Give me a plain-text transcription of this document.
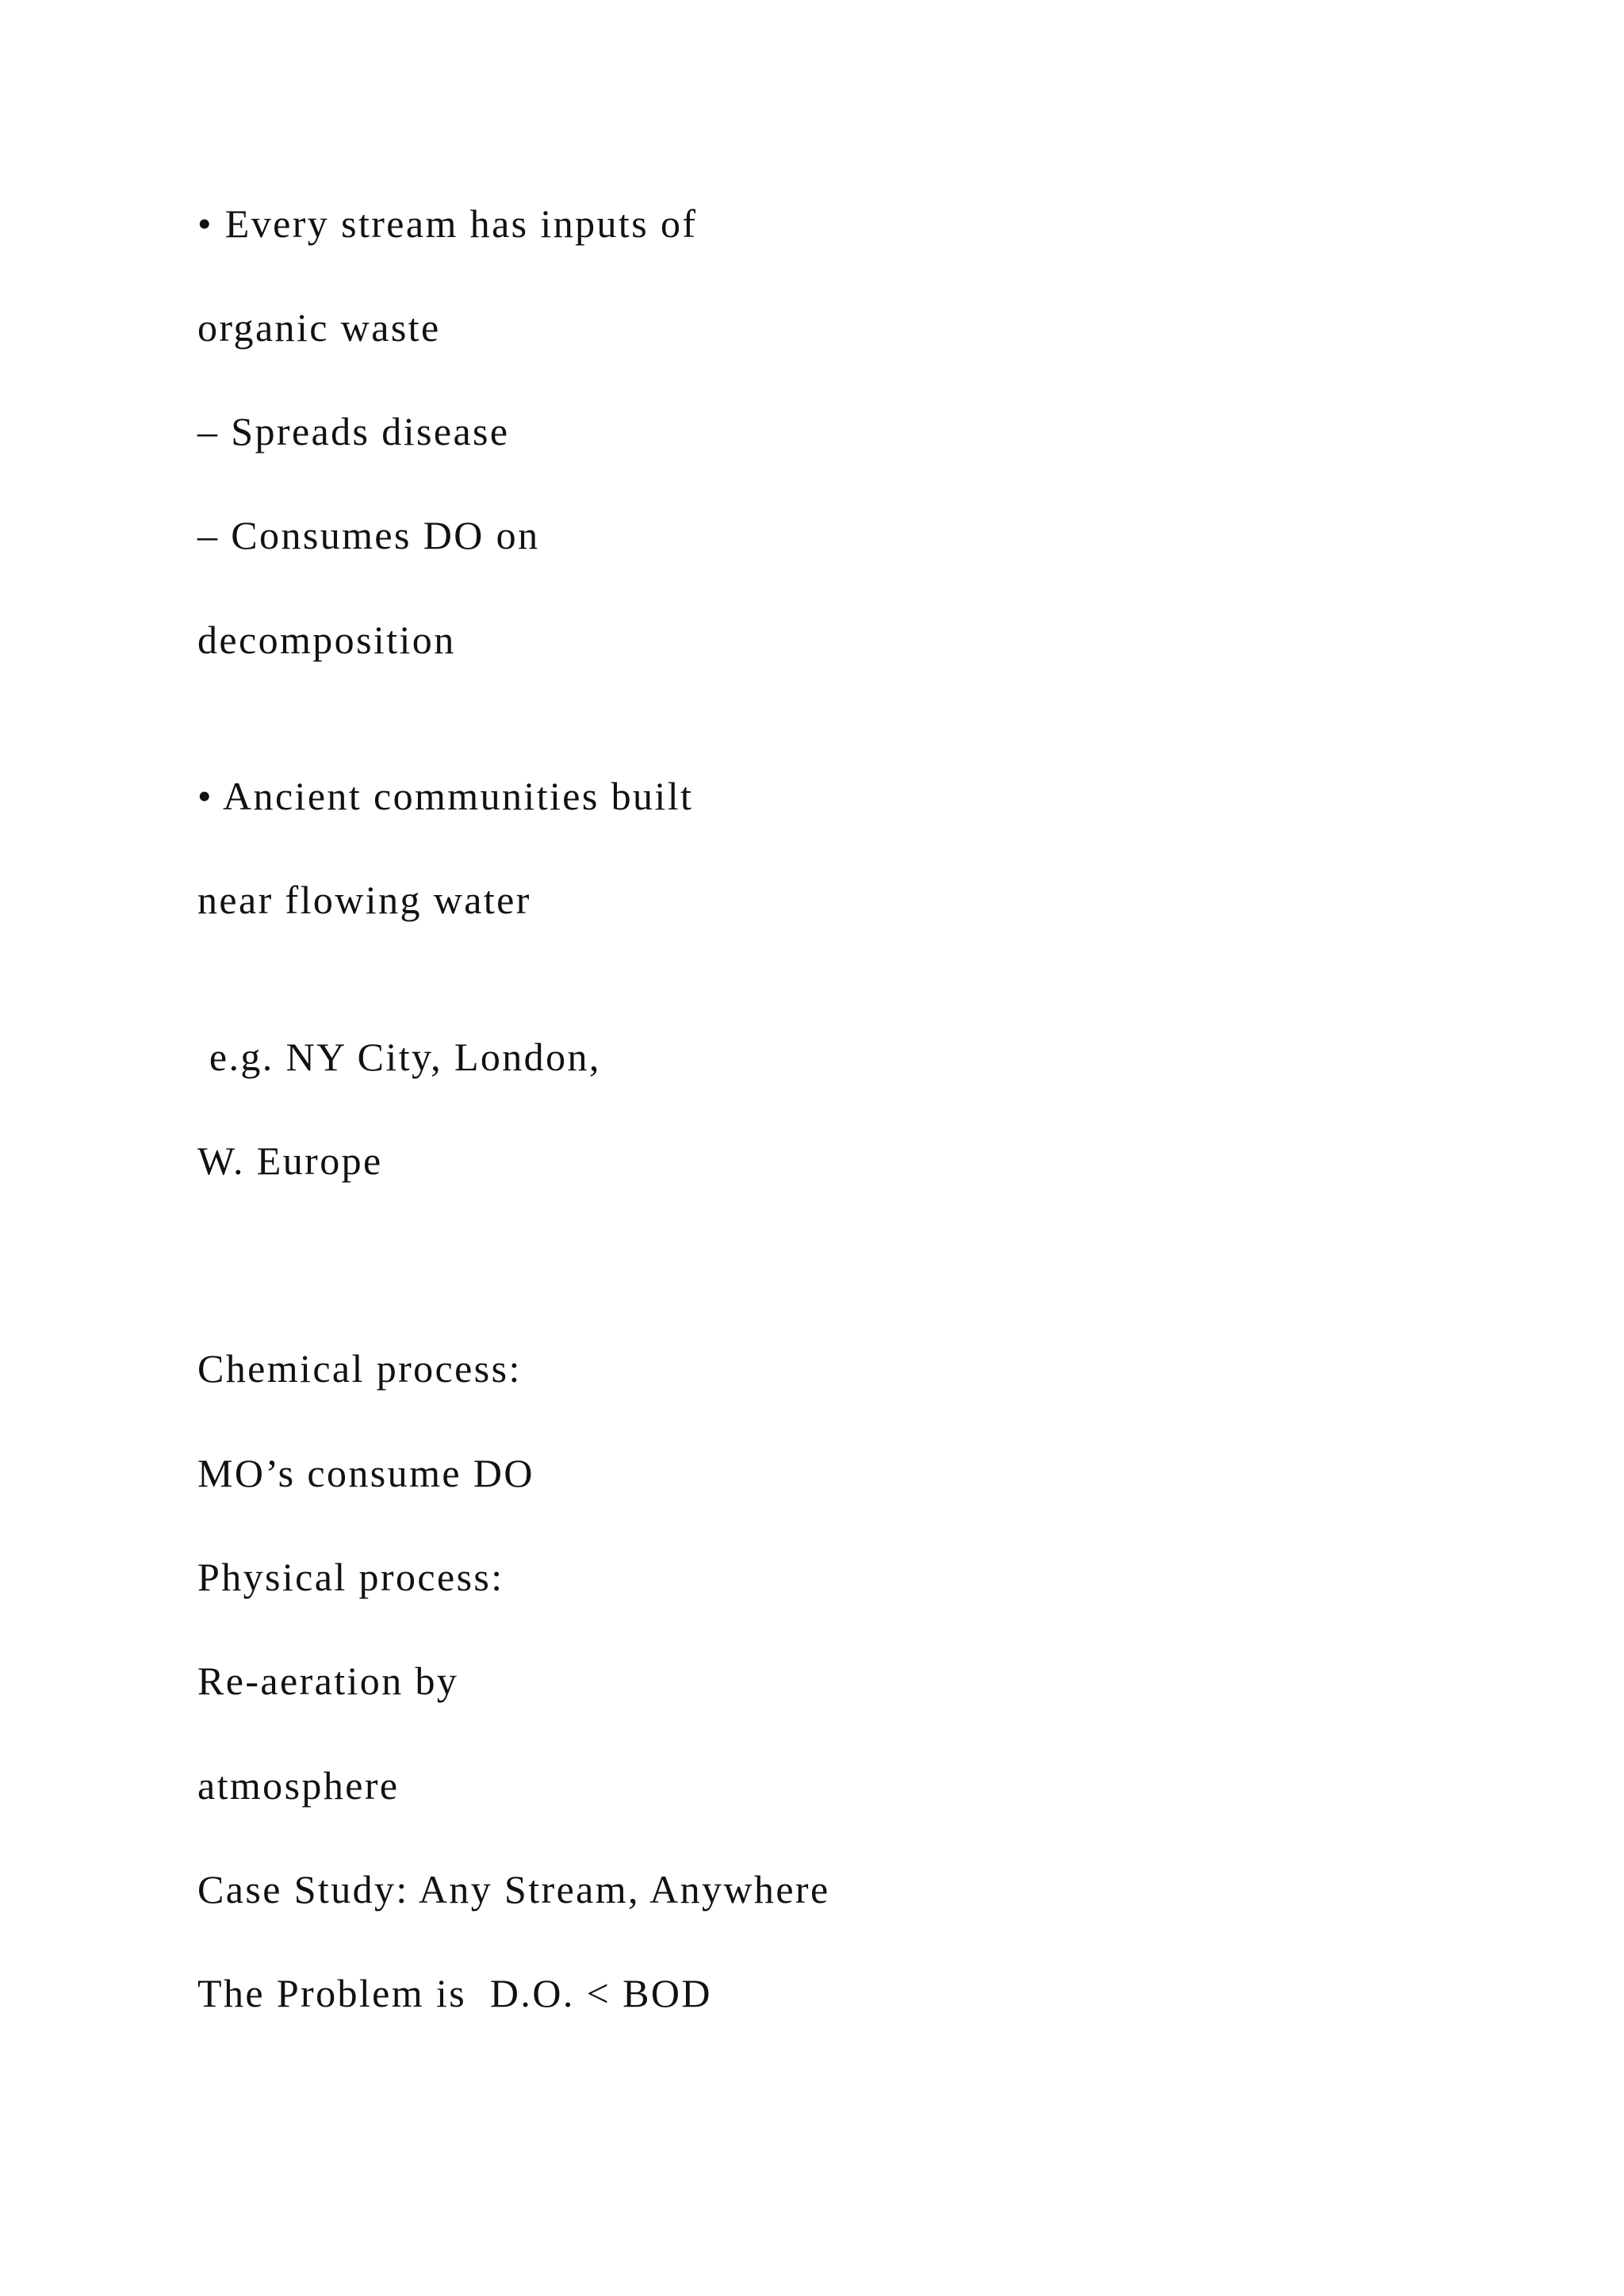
• Every stream has inputs of

organic waste

– Spreads disease

– Consumes DO on

decomposition

• Ancient communities built

near flowing water

e.g. NY City, London,

W. Europe

Chemical process:

MO’s consume DO

Physical process:

Re-aeration by

atmosphere

Case Study: Any Stream, Anywhere

The Problem is  D.O. < BOD
